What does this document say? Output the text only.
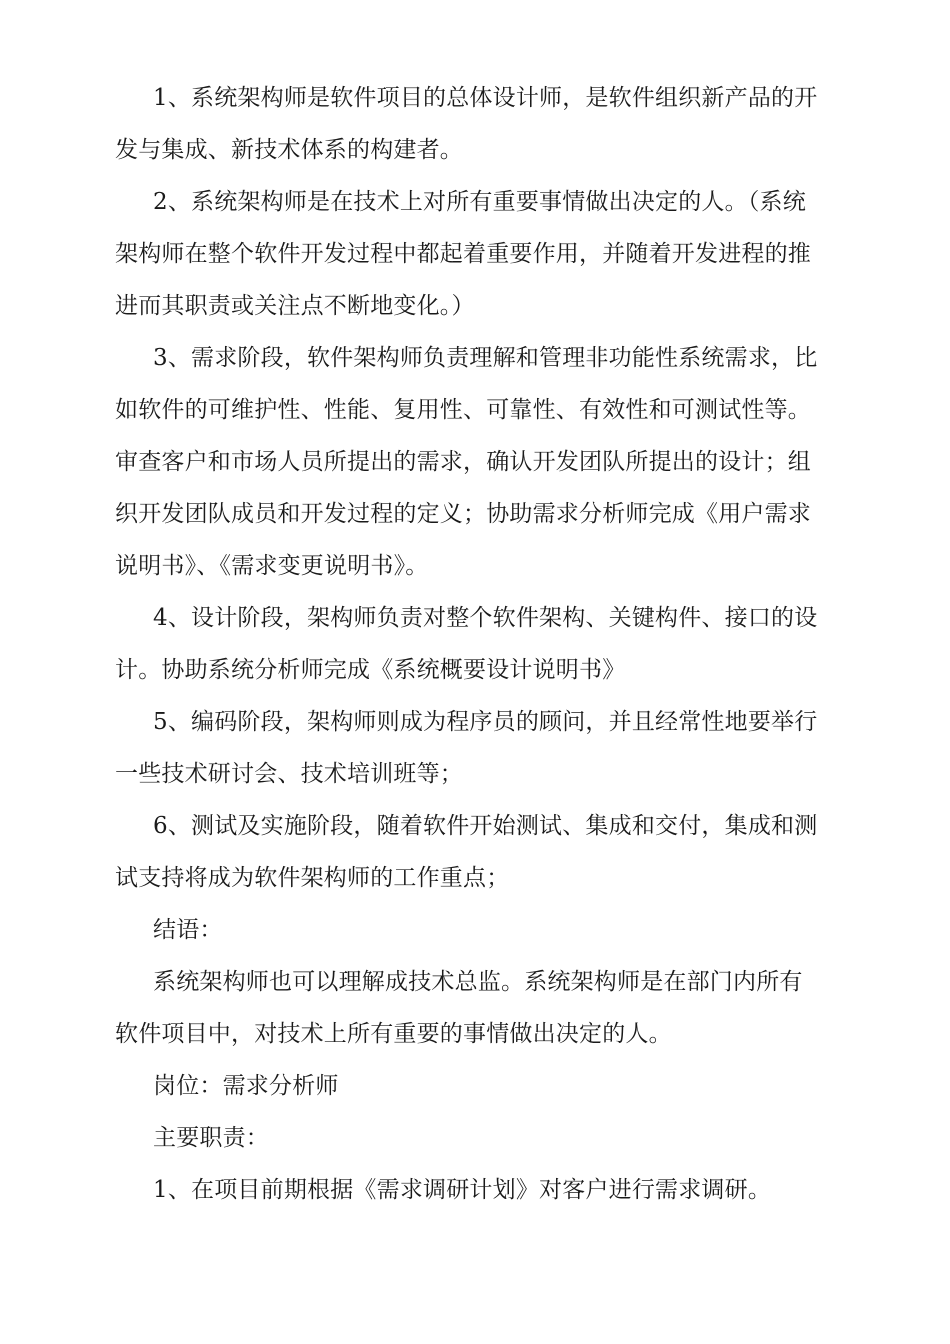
1、系统架构师是软件项目的总体设计师，是软件组织新产品的开
发与集成、新技术体系的构建者。
2、系统架构师是在技术上对所有重要事情做出决定的人。（系统
架构师在整个软件开发过程中都起着重要作用，并随着开发进程的推
进而其职责或关注点不断地变化。）
3、需求阶段，软件架构师负责理解和管理非功能性系统需求，比
如软件的可维护性、性能、复用性、可靠性、有效性和可测试性等。
审查客户和市场人员所提出的需求，确认开发团队所提出的设计；组
织开发团队成员和开发过程的定义；协助需求分析师完成《用户需求
说明书》、《需求变更说明书》。
4、设计阶段，架构师负责对整个软件架构、关键构件、接口的设
计。协助系统分析师完成《系统概要设计说明书》
5、编码阶段，架构师则成为程序员的顾问，并且经常性地要举行
一些技术研讨会、技术培训班等；
6、测试及实施阶段，随着软件开始测试、集成和交付，集成和测
试支持将成为软件架构师的工作重点；
结语：
系统架构师也可以理解成技术总监。系统架构师是在部门内所有
软件项目中，对技术上所有重要的事情做出决定的人。
岗位：需求分析师
主要职责：
1、在项目前期根据《需求调研计划》对客户进行需求调研。
